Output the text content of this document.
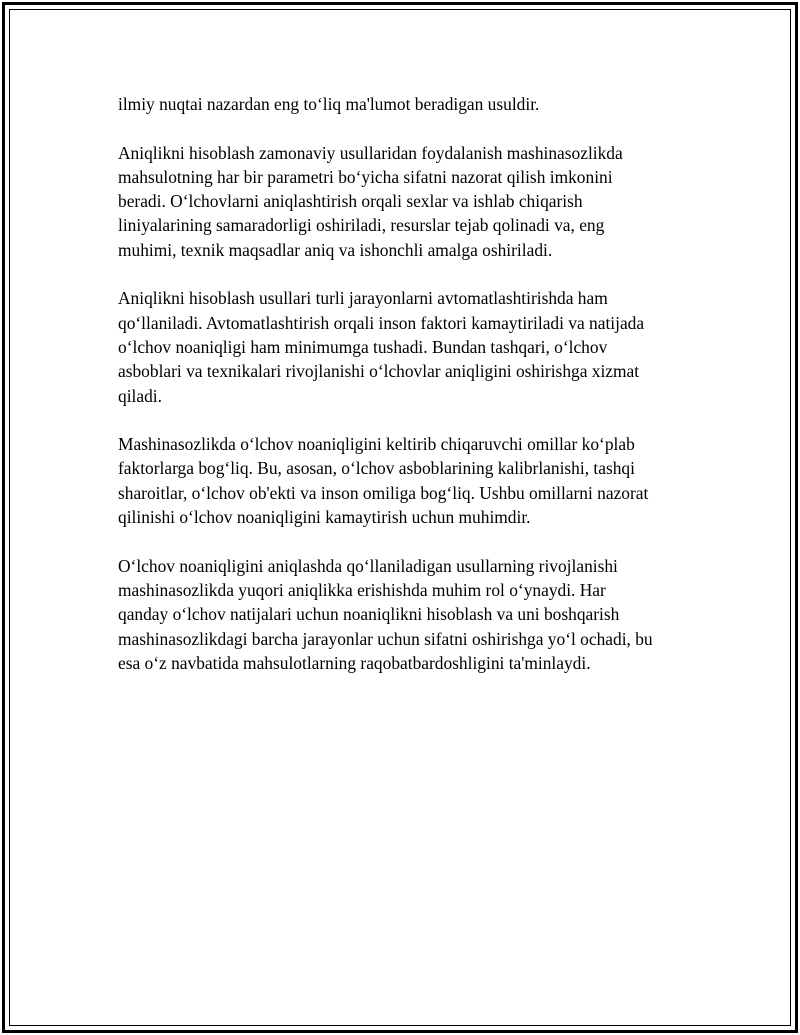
ilmiy nuqtai nazardan eng to‘liq ma'lumot beradigan usuldir.

Aniqlikni hisoblash zamonaviy usullaridan foydalanish mashinasozlikda
mahsulotning har bir parametri bo‘yicha sifatni nazorat qilish imkonini
beradi. O‘lchovlarni aniqlashtirish orqali sexlar va ishlab chiqarish
liniyalarining samaradorligi oshiriladi, resurslar tejab qolinadi va, eng
muhimi, texnik maqsadlar aniq va ishonchli amalga oshiriladi.

Aniqlikni hisoblash usullari turli jarayonlarni avtomatlashtirishda ham
qo‘llaniladi. Avtomatlashtirish orqali inson faktori kamaytiriladi va natijada
o‘lchov noaniqligi ham minimumga tushadi. Bundan tashqari, o‘lchov
asboblari va texnikalari rivojlanishi o‘lchovlar aniqligini oshirishga xizmat
qiladi.

Mashinasozlikda o‘lchov noaniqligini keltirib chiqaruvchi omillar ko‘plab
faktorlarga bog‘liq. Bu, asosan, o‘lchov asboblarining kalibrlanishi, tashqi
sharoitlar, o‘lchov ob'ekti va inson omiliga bog‘liq. Ushbu omillarni nazorat
qilinishi o‘lchov noaniqligini kamaytirish uchun muhimdir.

O‘lchov noaniqligini aniqlashda qo‘llaniladigan usullarning rivojlanishi
mashinasozlikda yuqori aniqlikka erishishda muhim rol o‘ynaydi. Har
qanday o‘lchov natijalari uchun noaniqlikni hisoblash va uni boshqarish
mashinasozlikdagi barcha jarayonlar uchun sifatni oshirishga yo‘l ochadi, bu
esa o‘z navbatida mahsulotlarning raqobatbardoshligini ta'minlaydi.
